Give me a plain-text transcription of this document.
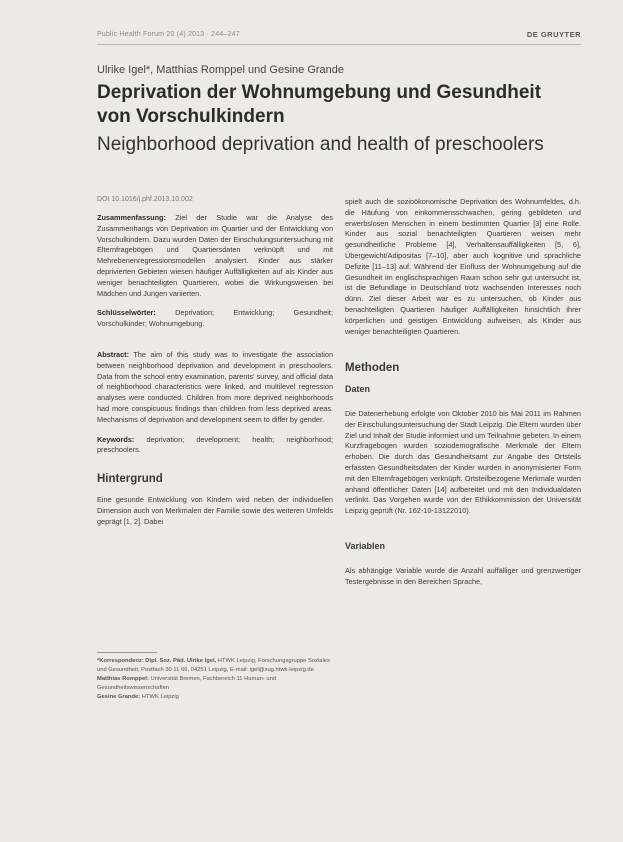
Public Health Forum 20 (4) 2013 · 244–247	DE GRUYTER
Ulrike Igel*, Matthias Romppel und Gesine Grande
Deprivation der Wohnumgebung und Gesundheit von Vorschulkindern
Neighborhood deprivation and health of preschoolers
DOI 10.1016/j.phf.2013.10.002

Zusammenfassung: Ziel der Studie war die Analyse des Zusammenhangs von Deprivation im Quartier und der Entwicklung von Vorschulkindern. Dazu wurden Daten der Einschulungsuntersuchung mit Elternfragebögen und Quartiersdaten verknüpft und mit Mehrebenenregressionsmodellen analysiert. Kinder aus stärker deprivierten Gebieten wiesen häufiger Auffälligkeiten auf als Kinder aus weniger benachteiligten Quartieren, wobei die Wirkungsweisen bei Mädchen und Jungen variierten.

Schlüsselwörter: Deprivation; Entwicklung; Gesundheit; Vorschulkinder; Wohnumgebung.

Abstract: The aim of this study was to investigate the association between neighborhood deprivation and development in preschoolers. Data from the school entry examination, parents' survey, and official data of neighborhood characteristics were linked, and multilevel regression analyses were conducted. Children from more deprived neighborhoods had more conspicuous findings than children from less deprived areas. Mechanisms of deprivation and development seem to differ by gender.

Keywords: deprivation; development; health; neighborhood; preschoolers.

Hintergrund

Eine gesunde Entwicklung von Kindern wird neben der individuellen Dimension auch von Merkmalen der Familie sowie des weiteren Umfelds geprägt [1, 2]. Dabei

*Korrespondenz: Dipl. Soz. Päd. Ulrike Igel, HTWK Leipzig, Forschungsgruppe Soziales und Gesundheit, Postfach 30 11 66, 04251 Leipzig, E-mail: igel@sug.htwk-leipzig.de
Matthias Romppel: Universität Bremen, Fachbereich 11 Human- und Gesundheitswissenschaften
Gesine Grande: HTWK Leipzig

spielt auch die sozioökonomische Deprivation des Wohnumfeldes, d.h. die Häufung von einkommensschwachen, gering gebildeten und erwerbslosen Menschen in einem bestimmten Quartier [3] eine Rolle. Kinder aus sozial benachteiligten Quartieren weisen mehr gesundheitliche Probleme [4], Verhaltensauffälligkeiten [5, 6], Übergewicht/Adipositas [7–10], aber auch kognitive und sprachliche Defizite [11–13] auf. Während der Einfluss der Wohnumgebung auf die Gesundheit im englischsprachigen Raum schon sehr gut untersucht ist, ist die Befundlage in Deutschland trotz wachsenden Interesses noch dünn. Ziel dieser Arbeit war es zu untersuchen, ob Kinder aus benachteiligten Quartieren häufiger Auffälligkeiten hinsichtlich ihrer körperlichen und geistigen Entwicklung aufweisen, als Kinder aus weniger benachteiligten Quartieren.

Methoden
Daten

Die Datenerhebung erfolgte von Oktober 2010 bis Mai 2011 im Rahmen der Einschulungsuntersuchung der Stadt Leipzig. Die Eltern wurden über Ziel und Inhalt der Studie informiert und um Teilnahme gebeten. In einem Kurzfragebogen wurden soziodemografische Merkmale der Eltern erhoben. Die durch das Gesundheitsamt zur Angabe des Ortsteils erfassten Gesundheitsdaten der Kinder wurden in anonymisierter Form mit den Elternfragebögen verknüpft. Ortsteilbezogene Merkmale wurden anhand öffentlicher Daten [14] aufbereitet und mit den Individualdaten verlinkt. Das Vorgehen wurde von der Ethikkommission der Universität Leipzig geprüft (Nr. 162-10-13122010).

Variablen

Als abhängige Variable wurde die Anzahl auffälliger und grenzwertiger Testergebnisse in den Bereichen Sprache,
